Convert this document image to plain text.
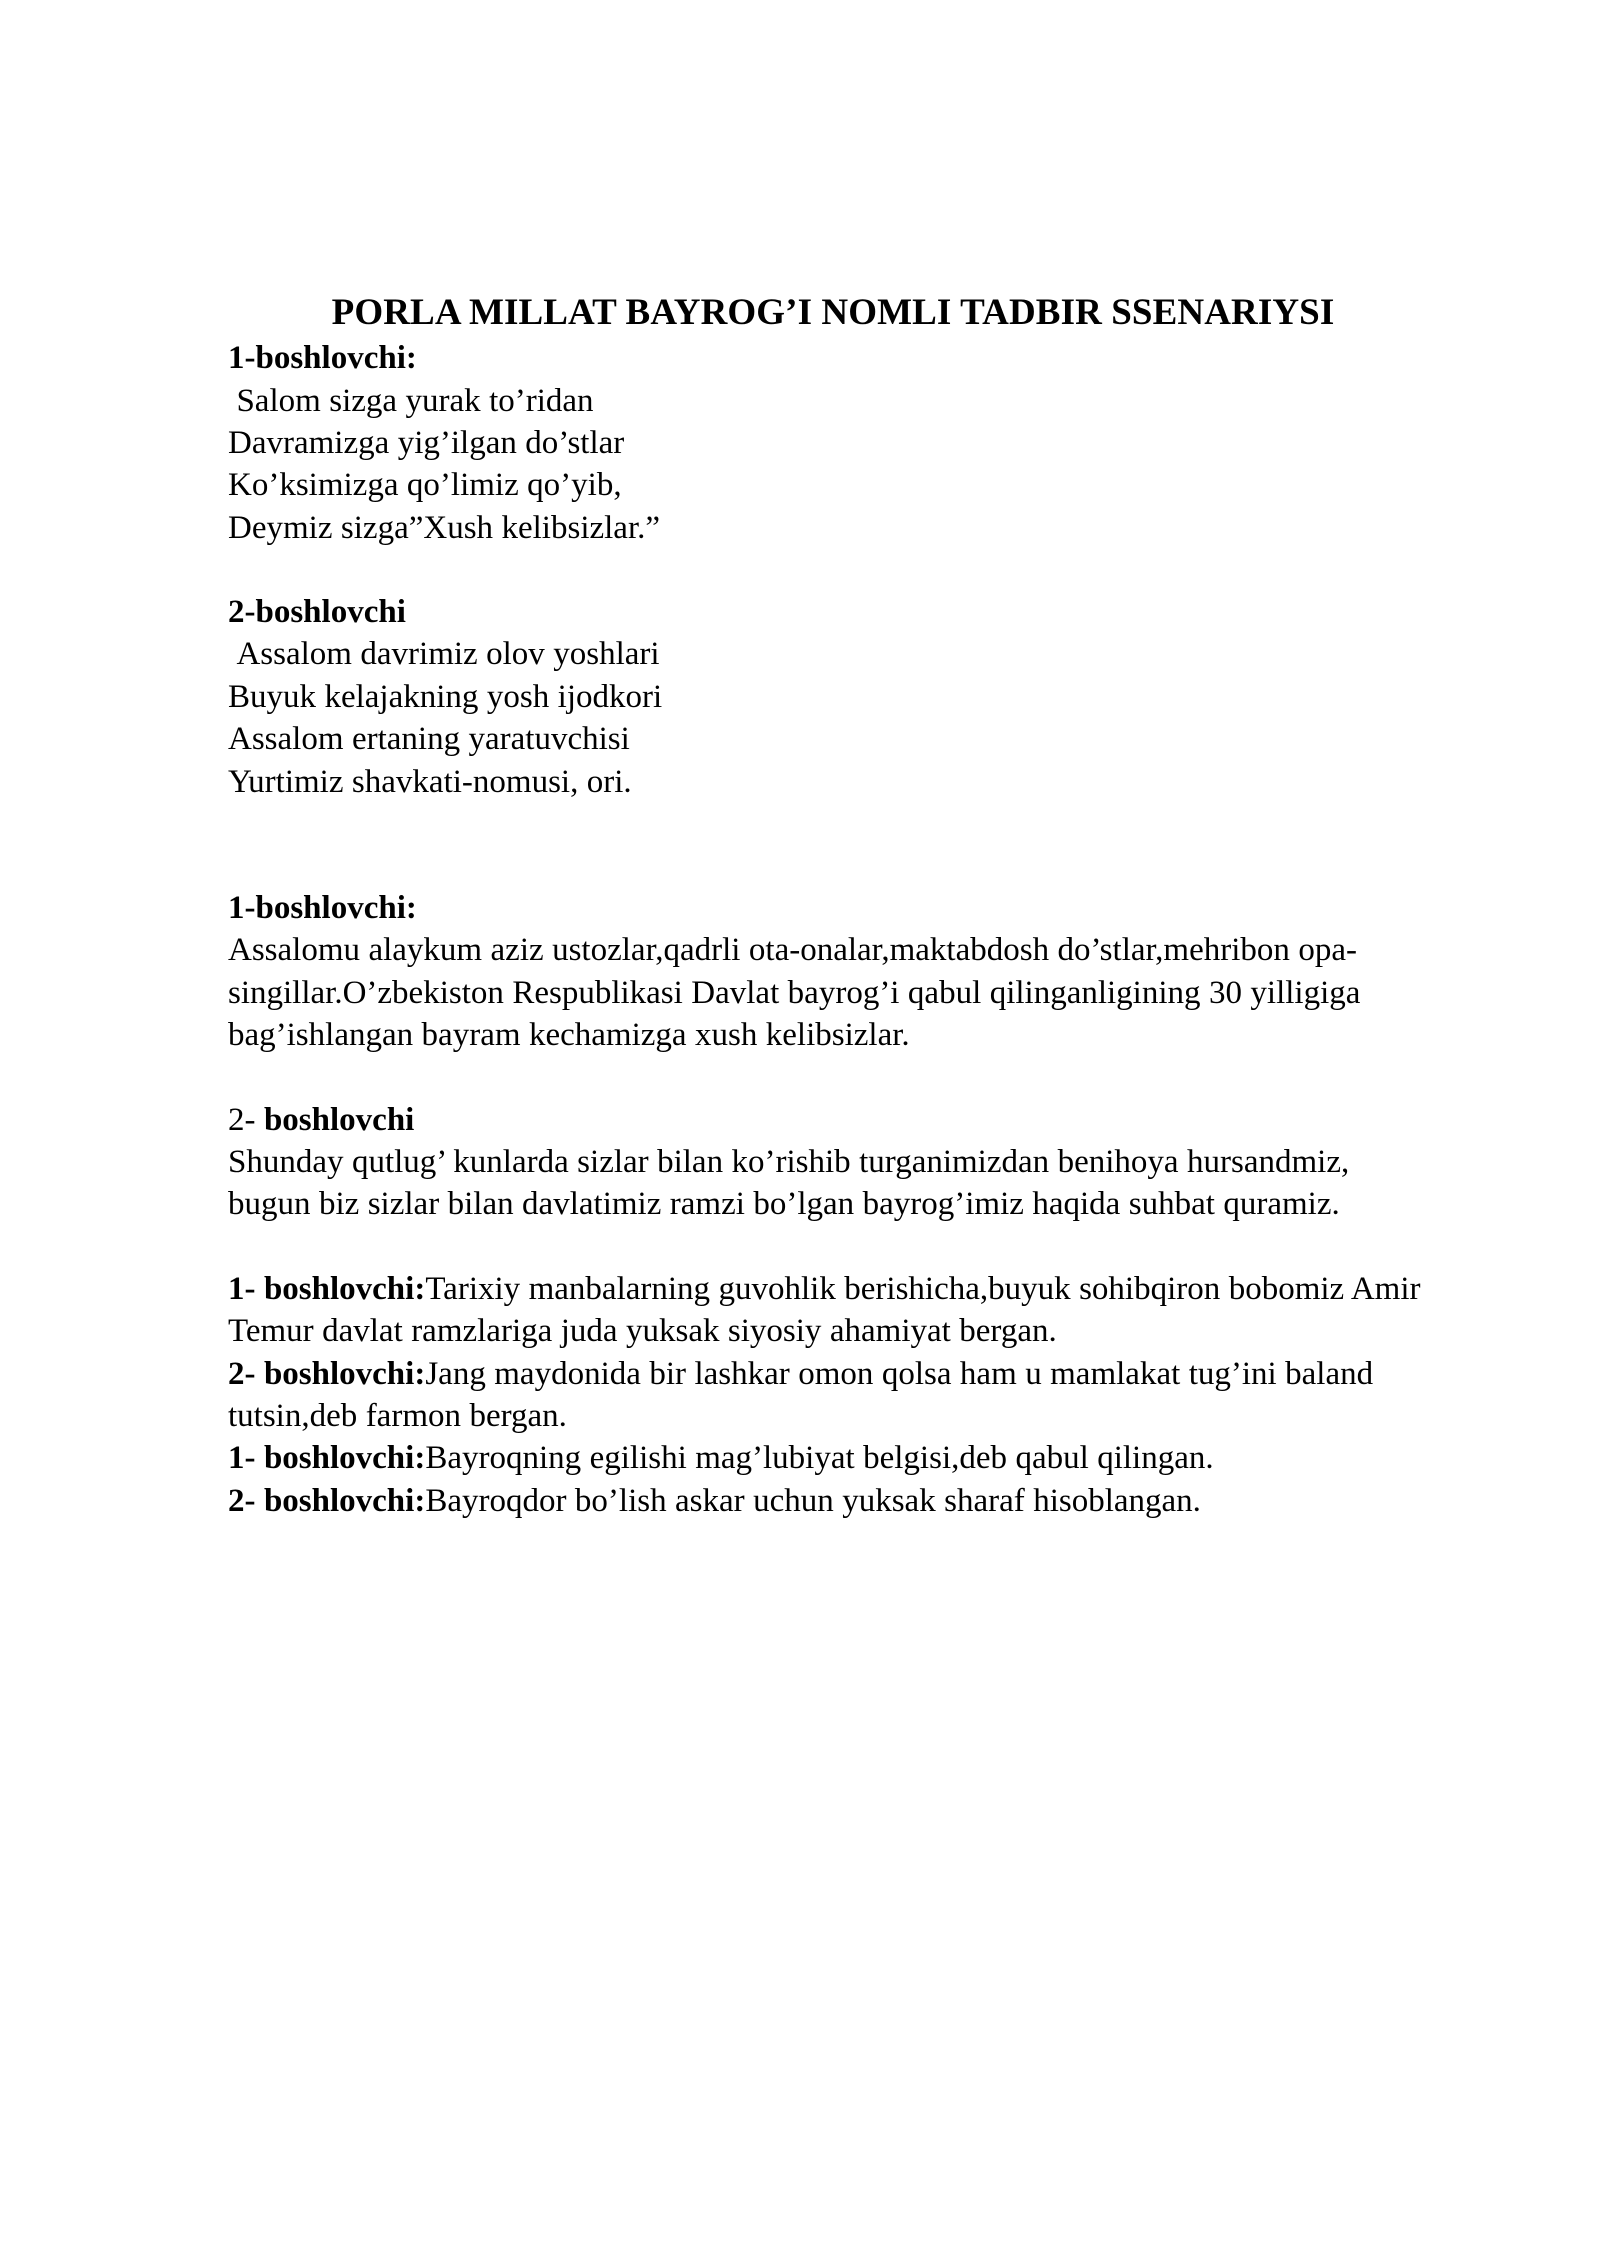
PORLA MILLAT BAYROG’I NOMLI TADBIR SSENARIYSI

1-boshlovchi:

Salom sizga yurak to’ridan

Davramizga yig’ilgan do’stlar

Ko’ksimizga qo’limiz qo’yib,

Deymiz sizga”Xush kelibsizlar.”

2-boshlovchi

Assalom davrimiz olov yoshlari

Buyuk kelajakning yosh ijodkori

Assalom ertaning yaratuvchisi

Yurtimiz shavkati-nomusi, ori.

1-boshlovchi:

Assalomu alaykum aziz ustozlar,qadrli ota-onalar,maktabdosh do’stlar,mehribon opa-singillar.O’zbekiston Respublikasi Davlat bayrog’i qabul qilinganligining 30 yilligiga bag’ishlangan bayram kechamizga xush kelibsizlar.

2- boshlovchi

Shunday qutlug’ kunlarda sizlar bilan ko’rishib turganimizdan benihoya hursandmiz, bugun biz sizlar bilan davlatimiz ramzi bo’lgan bayrog’imiz haqida suhbat quramiz.

1- boshlovchi:Tarixiy manbalarning guvohlik berishicha,buyuk sohibqiron bobomiz Amir Temur davlat ramzlariga juda yuksak siyosiy ahamiyat bergan.

2- boshlovchi:Jang maydonida bir lashkar omon qolsa ham u mamlakat tug’ini baland tutsin,deb farmon bergan.

1- boshlovchi:Bayroqning egilishi mag’lubiyat belgisi,deb qabul qilingan.

2- boshlovchi:Bayroqdor bo’lish askar uchun yuksak sharaf hisoblangan.
